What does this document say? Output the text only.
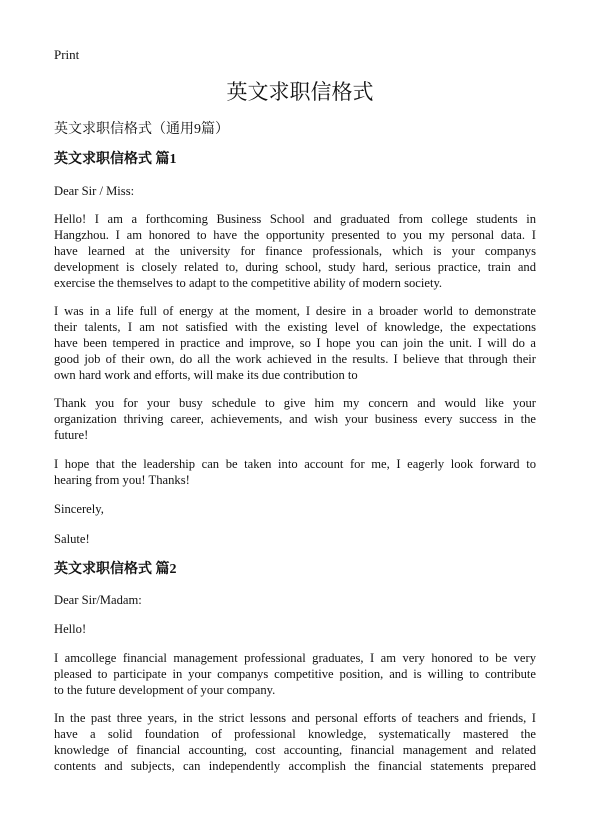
Print
英文求职信格式
英文求职信格式（通用9篇）
英文求职信格式 篇1
Dear Sir / Miss:
Hello! I am a forthcoming Business School and graduated from college students in
Hangzhou. I am honored to have the opportunity presented to you my personal data. I
have learned at the university for finance professionals, which is your companys
development is closely related to, during school, study hard, serious practice, train and
exercise the themselves to adapt to the competitive ability of modern society.
I was in a life full of energy at the moment, I desire in a broader world to demonstrate
their talents, I am not satisfied with the existing level of knowledge, the expectations
have been tempered in practice and improve, so I hope you can join the unit. I will do a
good job of their own, do all the work achieved in the results. I believe that through their
own hard work and efforts, will make its due contribution to
Thank you for your busy schedule to give him my concern and would like your
organization thriving career, achievements, and wish your business every success in the
future!
I hope that the leadership can be taken into account for me, I eagerly look forward to
hearing from you! Thanks!
Sincerely,
Salute!
英文求职信格式 篇2
Dear Sir/Madam:
Hello!
I amcollege financial management professional graduates, I am very honored to be very
pleased to participate in your companys competitive position, and is willing to contribute
to the future development of your company.
In the past three years, in the strict lessons and personal efforts of teachers and friends, I
have a solid foundation of professional knowledge, systematically mastered the
knowledge of financial accounting, cost accounting, financial management and related
contents and subjects, can independently accomplish the financial statements prepared
